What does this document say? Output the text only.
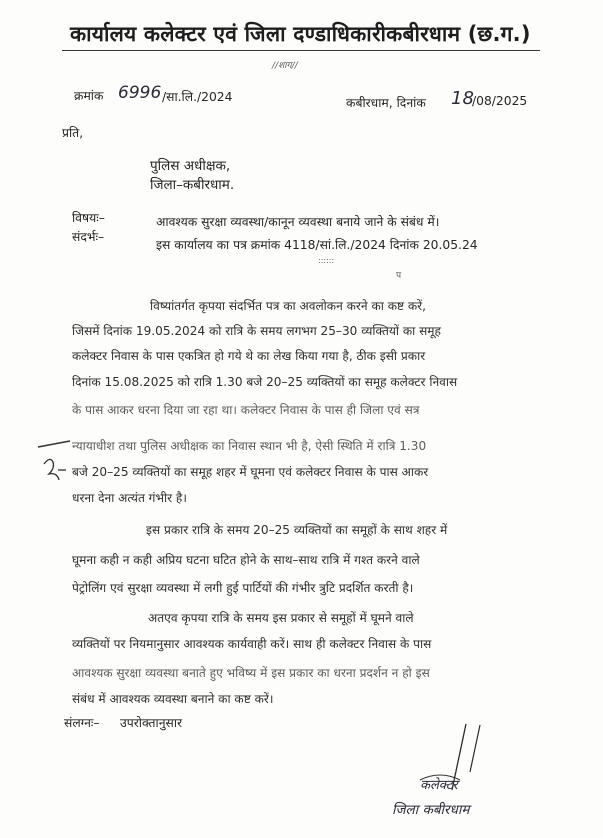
कार्यालय कलेक्टर एवं जिला दण्डाधिकारीकबीरधाम (छ.ग.)
//शाग//
क्रमांक 6996 /सा.लि./2024	कबीरधाम, दिनांक 18
/08/2025
प्रति,
पुलिस अधीक्षक,
जिला–कबीरधाम.
विषयः–	आवश्यक सुरक्षा व्यवस्था/कानून व्यवस्था बनाये जाने के संबंध में।
संदर्भः–
इस कार्यालय का पत्र क्रमांक 4118/सां.लि./2024 दिनांक 20.05.24
::::::
प
विष्यांतर्गत कृपया संदर्भित पत्र का अवलोकन करने का कष्ट करें,
जिसमें दिनांक 19.05.2024 को रात्रि के समय लगभग 25–30 व्यक्तियों का समूह
कलेक्टर निवास के पास एकत्रित हो गये थे का लेख किया गया है, ठीक इसी प्रकार
दिनांक 15.08.2025 को रात्रि 1.30 बजे 20–25 व्यक्तियों का समूह कलेक्टर निवास
के पास आकर धरना दिया जा रहा था। कलेक्टर निवास के पास ही जिला एवं सत्र
न्यायाधीश तथा पुलिस अधीक्षक का निवास स्थान भी है, ऐसी स्थिति में रात्रि 1.30
बजे 20–25 व्यक्तियों का समूह शहर में घूमना एवं कलेक्टर निवास के पास आकर
धरना देना अत्यंत गंभीर है।
इस प्रकार रात्रि के समय 20–25 व्यक्तियों का समूहों के साथ शहर में
घूमना कही न कही अप्रिय घटना घटित होने के साथ–साथ रात्रि में गश्त करने वाले
पेट्रोलिंग एवं सुरक्षा व्यवस्था में लगी हुई पार्टियों की गंभीर त्रुटि प्रदर्शित करती है।
अतएव कृपया रात्रि के समय इस प्रकार से समूहों में घूमने वाले
व्यक्तियों पर नियमानुसार आवश्यक कार्यवाही करें। साथ ही कलेक्टर निवास के पास
आवश्यक सुरक्षा व्यवस्था बनाते हुए भविष्य में इस प्रकार का धरना प्रदर्शन न हो इस
संबंध में आवश्यक व्यवस्था बनाने का कष्ट करें।
संलग्नः– उपरोक्तानुसार
कलेक्टर
जिला कबीरधाम
